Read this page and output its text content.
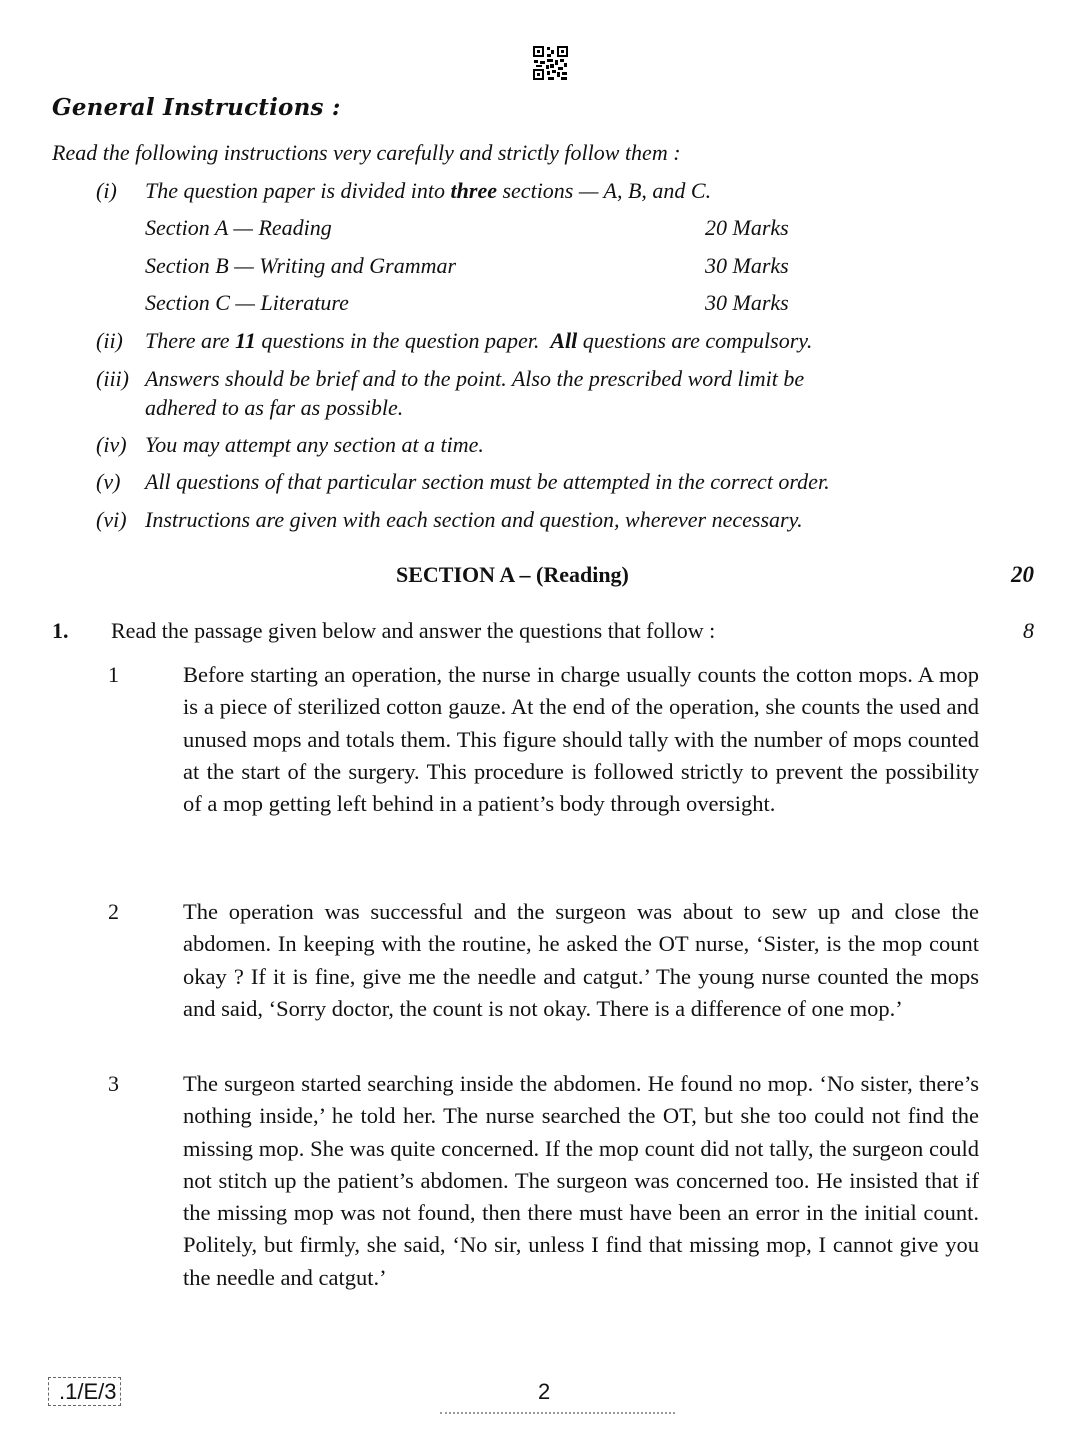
General Instructions :
Read the following instructions very carefully and strictly follow them :
(i) The question paper is divided into three sections — A, B, and C.
Section A — Reading	20 Marks
Section B — Writing and Grammar	30 Marks
Section C — Literature	30 Marks
(ii) There are 11 questions in the question paper.  All questions are compulsory.
(iii) Answers should be brief and to the point. Also the prescribed word limit be
adhered to as far as possible.
(iv) You may attempt any section at a time.
(v) All questions of that particular section must be attempted in the correct order.
(vi) Instructions are given with each section and question, wherever necessary.
SECTION A – (Reading)	20
1. Read the passage given below and answer the questions that follow :	8
1	Before starting an operation, the nurse in charge usually counts the cotton mops. A mop is a piece of sterilized cotton gauze. At the end of the operation, she counts the used and unused mops and totals them. This figure should tally with the number of mops counted at the start of the surgery. This procedure is followed strictly to prevent the possibility of a mop getting left behind in a patient’s body through oversight.
2	The operation was successful and the surgeon was about to sew up and close the abdomen. In keeping with the routine, he asked the OT nurse, ‘Sister, is the mop count okay ? If it is fine, give me the needle and catgut.’ The young nurse counted the mops and said, ‘Sorry doctor, the count is not okay. There is a difference of one mop.’
3	The surgeon started searching inside the abdomen. He found no mop. ‘No sister, there’s nothing inside,’ he told her. The nurse searched the OT, but she too could not find the missing mop. She was quite concerned. If the mop count did not tally, the surgeon could not stitch up the patient’s abdomen. The surgeon was concerned too. He insisted that if the missing mop was not found, then there must have been an error in the initial count. Politely, but firmly, she said, ‘No sir, unless I find that missing mop, I cannot give you the needle and catgut.’
.1/E/3	2
